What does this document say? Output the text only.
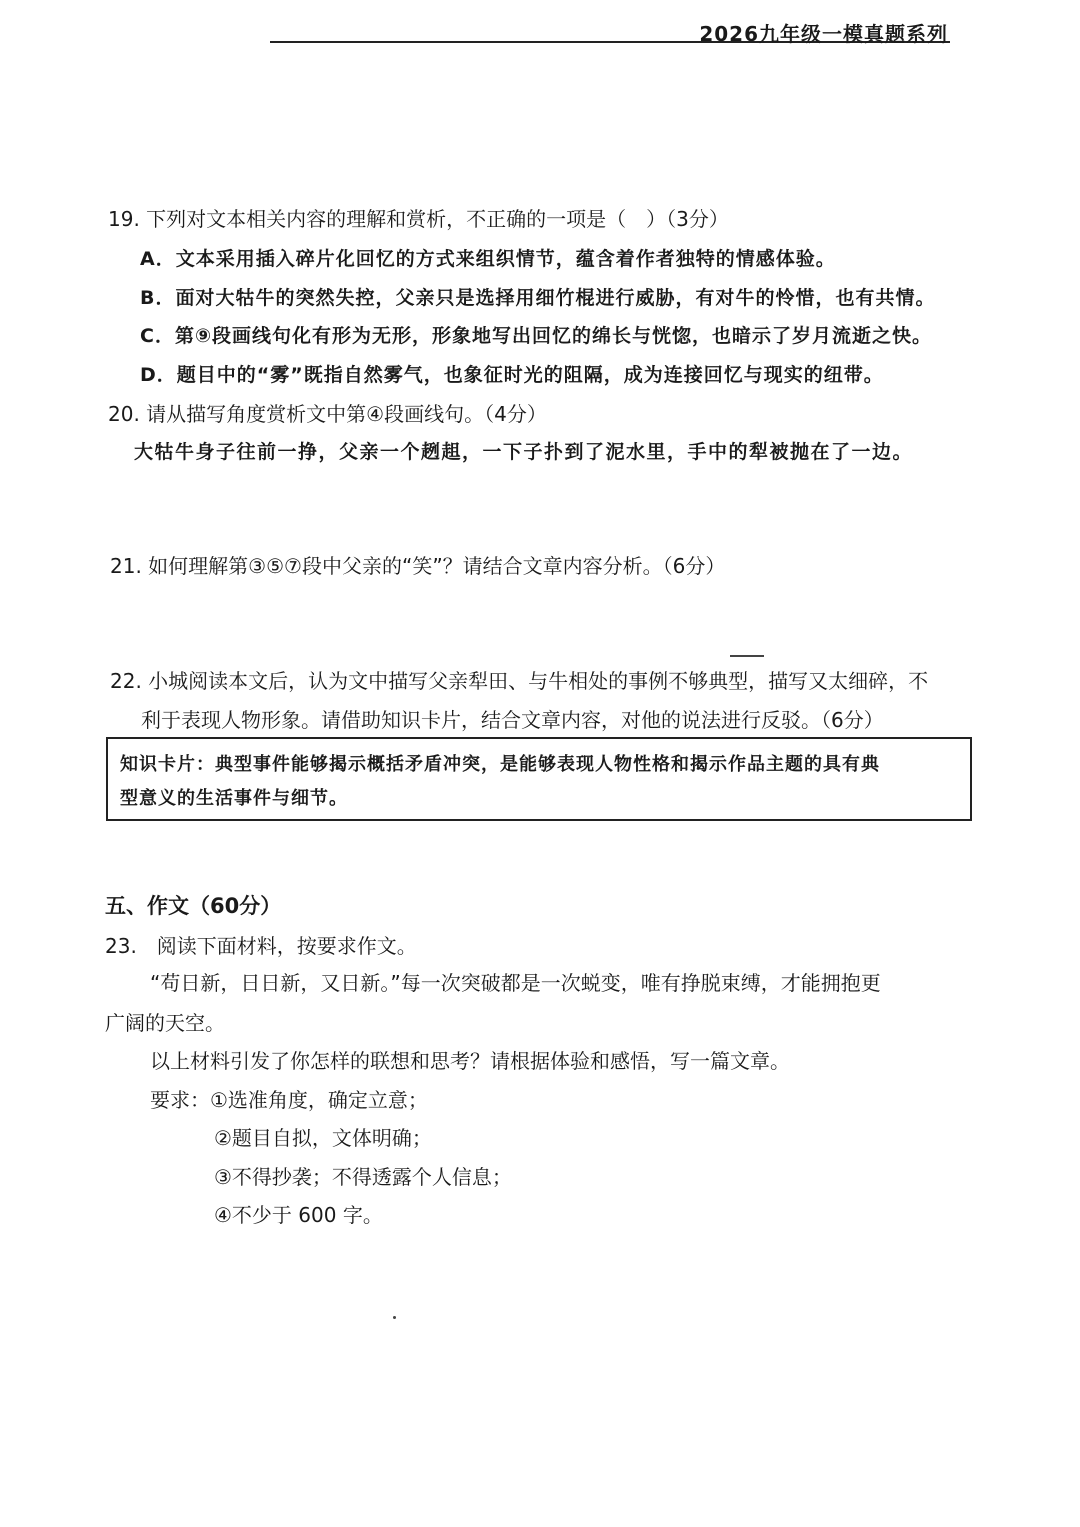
2026九年级一模真题系列
19. 下列对文本相关内容的理解和赏析，不正确的一项是（　）（3分）
A．文本采用插入碎片化回忆的方式来组织情节，蕴含着作者独特的情感体验。
B．面对大牯牛的突然失控，父亲只是选择用细竹棍进行威胁，有对牛的怜惜，也有共情。
C．第⑨段画线句化有形为无形，形象地写出回忆的绵长与恍惚，也暗示了岁月流逝之快。
D．题目中的“雾”既指自然雾气，也象征时光的阻隔，成为连接回忆与现实的纽带。
20. 请从描写角度赏析文中第④段画线句。（4分）
大牯牛身子往前一挣，父亲一个趔趄，一下子扑到了泥水里，手中的犁被抛在了一边。
21. 如何理解第③⑤⑦段中父亲的“笑”？请结合文章内容分析。（6分）
22. 小城阅读本文后，认为文中描写父亲犁田、与牛相处的事例不够典型，描写又太细碎，不
利于表现人物形象。请借助知识卡片，结合文章内容，对他的说法进行反驳。（6分）
知识卡片：典型事件能够揭示概括矛盾冲突，是能够表现人物性格和揭示作品主题的具有典
型意义的生活事件与细节。
五、作文（60分）
23.　阅读下面材料，按要求作文。
“苟日新，日日新，又日新。”每一次突破都是一次蜕变，唯有挣脱束缚，才能拥抱更
广阔的天空。
以上材料引发了你怎样的联想和思考？请根据体验和感悟，写一篇文章。
要求：①选准角度，确定立意；
②题目自拟，文体明确；
③不得抄袭；不得透露个人信息；
④不少于 600 字。
